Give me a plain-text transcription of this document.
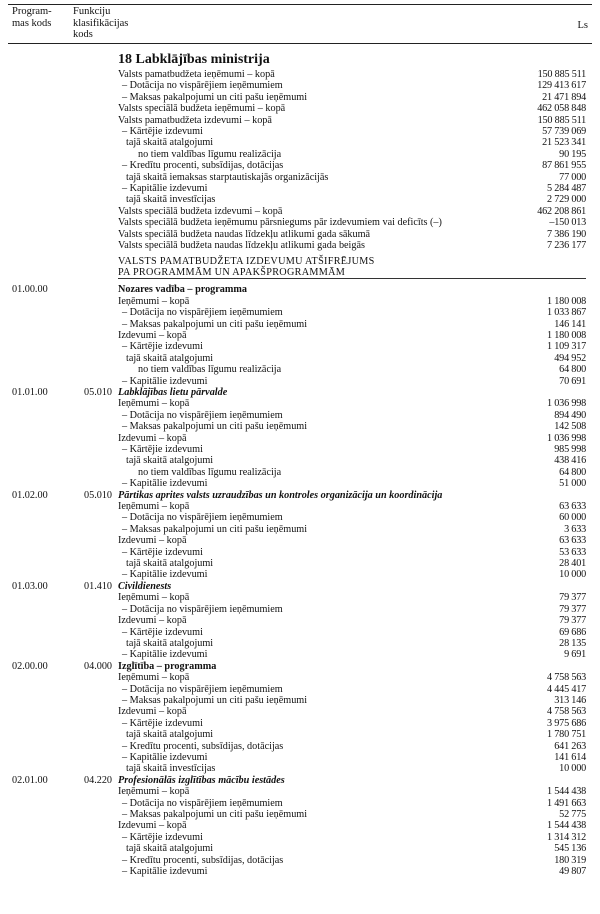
Program-
mas kods
Funkciju
klasifikācijas
kods
Ls
18 Labklājības ministrija
Valsts pamatbudžeta ieņēmumi – kopā	150 885 511
– Dotācija no vispārējiem ieņēmumiem	129 413 617
– Maksas pakalpojumi un citi pašu ieņēmumi	21 471 894
Valsts speciālā budžeta ieņēmumi – kopā	462 058 848
Valsts pamatbudžeta izdevumi – kopā	150 885 511
– Kārtējie izdevumi	57 739 069
tajā skaitā atalgojumi	21 523 341
no tiem valdības līgumu realizācija	90 195
– Kredītu procenti, subsīdijas, dotācijas	87 861 955
tajā skaitā iemaksas starptautiskajās organizācijās	77 000
– Kapitālie izdevumi	5 284 487
tajā skaitā investīcijas	2 729 000
Valsts speciālā budžeta izdevumi – kopā	462 208 861
Valsts speciālā budžeta ieņēmumu pārsniegums pār izdevumiem vai deficīts (–)	–150 013
Valsts speciālā budžeta naudas līdzekļu atlikumi gada sākumā	7 386 190
Valsts speciālā budžeta naudas līdzekļu atlikumi gada beigās	7 236 177
VALSTS PAMATBUDŽETA IZDEVUMU ATŠIFRĒJUMS
PA PROGRAMMĀM UN APAKŠPROGRAMMĀM
01.00.00	Nozares vadība – programma
Ieņēmumi – kopā	1 180 008
– Dotācija no vispārējiem ieņēmumiem	1 033 867
– Maksas pakalpojumi un citi pašu ieņēmumi	146 141
Izdevumi – kopā	1 180 008
– Kārtējie izdevumi	1 109 317
tajā skaitā atalgojumi	494 952
no tiem valdības līgumu realizācija	64 800
– Kapitālie izdevumi	70 691
01.01.00	05.010 Labklājības lietu pārvalde
Ieņēmumi – kopā	1 036 998
– Dotācija no vispārējiem ieņēmumiem	894 490
– Maksas pakalpojumi un citi pašu ieņēmumi	142 508
Izdevumi – kopā	1 036 998
– Kārtējie izdevumi	985 998
tajā skaitā atalgojumi	438 416
no tiem valdības līgumu realizācija	64 800
– Kapitālie izdevumi	51 000
01.02.00	05.010 Pārtikas aprites valsts uzraudzības un kontroles organizācija un koordinācija
Ieņēmumi – kopā	63 633
– Dotācija no vispārējiem ieņēmumiem	60 000
– Maksas pakalpojumi un citi pašu ieņēmumi	3 633
Izdevumi – kopā	63 633
– Kārtējie izdevumi	53 633
tajā skaitā atalgojumi	28 401
– Kapitālie izdevumi	10 000
01.03.00	01.410 Civildienests
Ieņēmumi – kopā	79 377
– Dotācija no vispārējiem ieņēmumiem	79 377
Izdevumi – kopā	79 377
– Kārtējie izdevumi	69 686
tajā skaitā atalgojumi	28 135
– Kapitālie izdevumi	9 691
02.00.00	04.000 Izglītība – programma
Ieņēmumi – kopā	4 758 563
– Dotācija no vispārējiem ieņēmumiem	4 445 417
– Maksas pakalpojumi un citi pašu ieņēmumi	313 146
Izdevumi – kopā	4 758 563
– Kārtējie izdevumi	3 975 686
tajā skaitā atalgojumi	1 780 751
– Kredītu procenti, subsīdijas, dotācijas	641 263
– Kapitālie izdevumi	141 614
tajā skaitā investīcijas	10 000
02.01.00	04.220 Profesionālās izglītības mācību iestādes
Ieņēmumi – kopā	1 544 438
– Dotācija no vispārējiem ieņēmumiem	1 491 663
– Maksas pakalpojumi un citi pašu ieņēmumi	52 775
Izdevumi – kopā	1 544 438
– Kārtējie izdevumi	1 314 312
tajā skaitā atalgojumi	545 136
– Kredītu procenti, subsīdijas, dotācijas	180 319
– Kapitālie izdevumi	49 807
